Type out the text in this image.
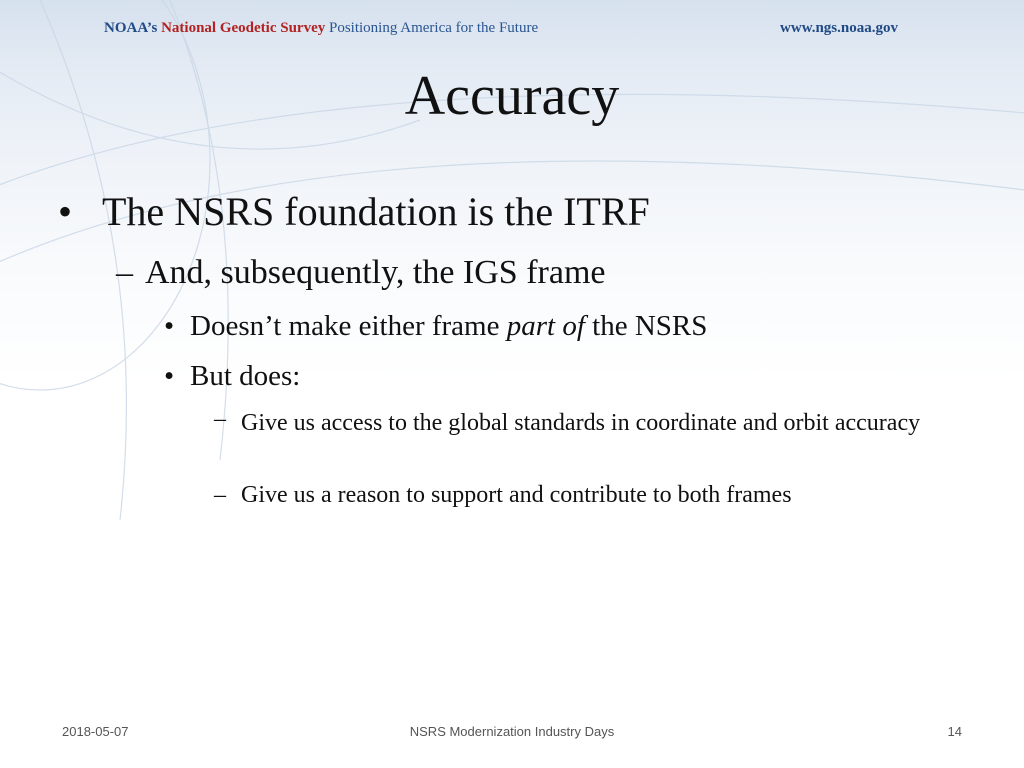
NOAA’s National Geodetic Survey Positioning America for the Future	www.ngs.noaa.gov
Accuracy
• The NSRS foundation is the ITRF
– And, subsequently, the IGS frame
• Doesn’t make either frame part of the NSRS
• But does:
– Give us access to the global standards in coordinate and orbit accuracy
– Give us a reason to support and contribute to both frames
2018-05-07	NSRS Modernization Industry Days	14
